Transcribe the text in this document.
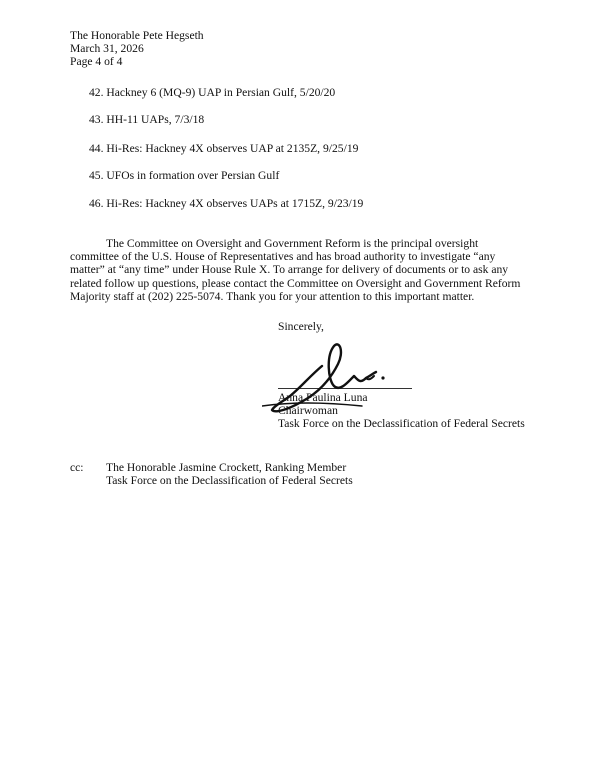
The Honorable Pete Hegseth
March 31, 2026
Page 4 of 4
42. Hackney 6 (MQ-9) UAP in Persian Gulf, 5/20/20
43. HH-11 UAPs, 7/3/18
44. Hi-Res: Hackney 4X observes UAP at 2135Z, 9/25/19
45. UFOs in formation over Persian Gulf
46. Hi-Res: Hackney 4X observes UAPs at 1715Z, 9/23/19
The Committee on Oversight and Government Reform is the principal oversight
committee of the U.S. House of Representatives and has broad authority to investigate “any
matter” at “any time” under House Rule X. To arrange for delivery of documents or to ask any
related follow up questions, please contact the Committee on Oversight and Government Reform
Majority staff at (202) 225-5074. Thank you for your attention to this important matter.
Sincerely,
Anna Paulina Luna
Chairwoman
Task Force on the Declassification of Federal Secrets
cc: The Honorable Jasmine Crockett, Ranking Member
Task Force on the Declassification of Federal Secrets
